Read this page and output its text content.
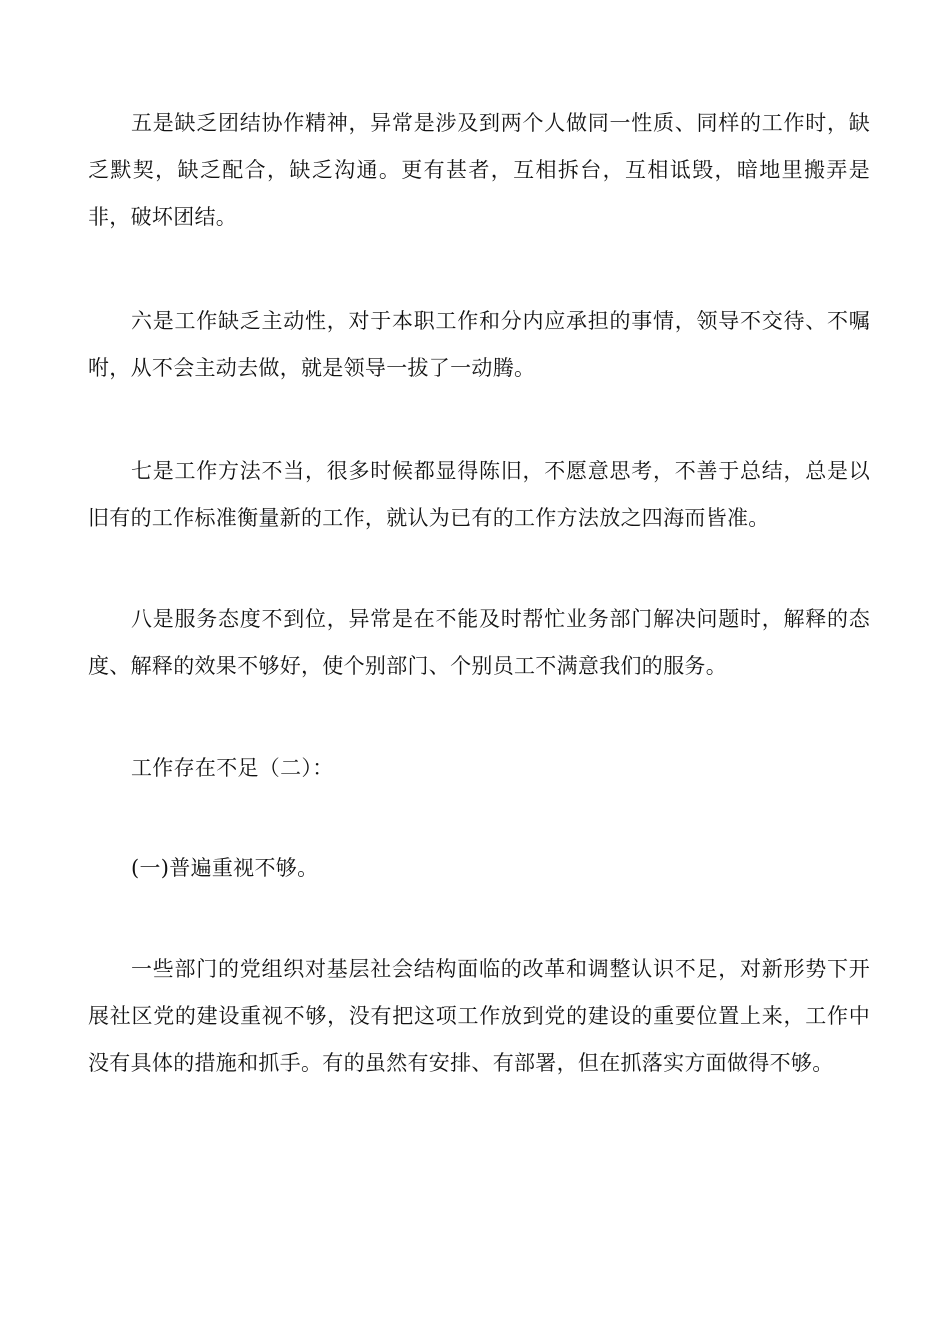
五是缺乏团结协作精神，异常是涉及到两个人做同一性质、同样的工作时，缺乏默契，缺乏配合，缺乏沟通。更有甚者，互相拆台，互相诋毁，暗地里搬弄是非，破坏团结。

六是工作缺乏主动性，对于本职工作和分内应承担的事情，领导不交待、不嘱咐，从不会主动去做，就是领导一拔了一动腾。

七是工作方法不当，很多时候都显得陈旧，不愿意思考，不善于总结，总是以旧有的工作标准衡量新的工作，就认为已有的工作方法放之四海而皆准。

八是服务态度不到位，异常是在不能及时帮忙业务部门解决问题时，解释的态度、解释的效果不够好，使个别部门、个别员工不满意我们的服务。

工作存在不足（二）：

(一)普遍重视不够。

一些部门的党组织对基层社会结构面临的改革和调整认识不足，对新形势下开展社区党的建设重视不够，没有把这项工作放到党的建设的重要位置上来，工作中没有具体的措施和抓手。有的虽然有安排、有部署，但在抓落实方面做得不够。
